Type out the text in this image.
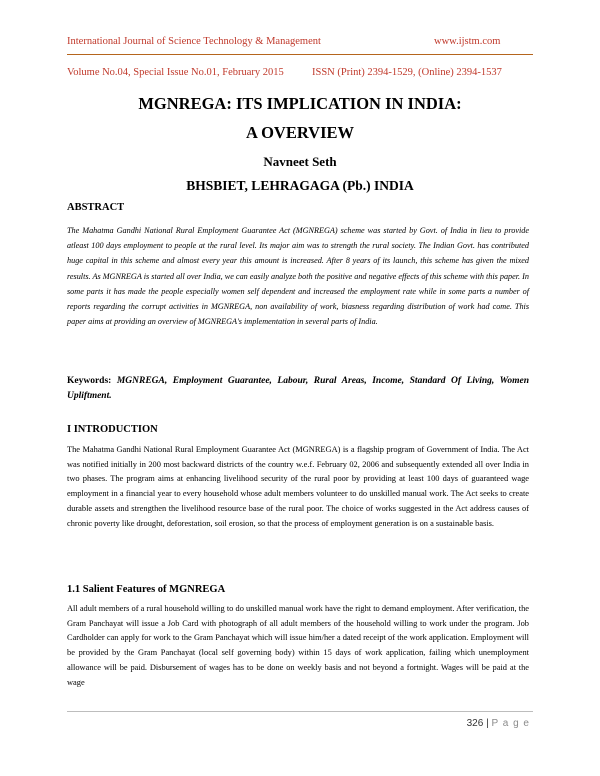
International Journal of Science Technology & Management	www.ijstm.com
Volume No.04, Special Issue No.01, February 2015	ISSN (Print) 2394-1529, (Online) 2394-1537
MGNREGA: ITS IMPLICATION IN INDIA:
A OVERVIEW
Navneet Seth
BHSBIET, LEHRAGAGA (Pb.) INDIA
ABSTRACT
The Mahatma Gandhi National Rural Employment Guarantee Act (MGNREGA) scheme was started by Govt. of India in lieu to provide atleast 100 days employment to people at the rural level. Its major aim was to strength the rural society. The Indian Govt. has contributed huge capital in this scheme and almost every year this amount is increased. After 8 years of its launch, this scheme has given the mixed results. As MGNREGA is started all over India, we can easily analyze both the positive and negative effects of this scheme with this paper. In some parts it has made the people especially women self dependent and increased the employment rate while in some parts a number of reports regarding the corrupt activities in MGNREGA, non availability of work, biasness regarding distribution of work had come. This paper aims at providing an overview of MGNREGA's implementation in several parts of India.
Keywords: MGNREGA, Employment Guarantee, Labour, Rural Areas, Income, Standard Of Living, Women Upliftment.
I INTRODUCTION
The Mahatma Gandhi National Rural Employment Guarantee Act (MGNREGA) is a flagship program of Government of India. The Act was notified initially in 200 most backward districts of the country w.e.f. February 02, 2006 and subsequently extended all over India in two phases. The program aims at enhancing livelihood security of the rural poor by providing at least 100 days of guaranteed wage employment in a financial year to every household whose adult members volunteer to do unskilled manual work. The Act seeks to create durable assets and strengthen the livelihood resource base of the rural poor. The choice of works suggested in the Act address causes of chronic poverty like drought, deforestation, soil erosion, so that the process of employment generation is on a sustainable basis.
1.1 Salient Features of MGNREGA
All adult members of a rural household willing to do unskilled manual work have the right to demand employment. After verification, the Gram Panchayat will issue a Job Card with photograph of all adult members of the household willing to work under the program. Job Cardholder can apply for work to the Gram Panchayat which will issue him/her a dated receipt of the work application. Employment will be provided by the Gram Panchayat (local self governing body) within 15 days of work application, failing which unemployment allowance will be paid. Disbursement of wages has to be done on weekly basis and not beyond a fortnight. Wages will be paid at the wage
326 | P a g e
